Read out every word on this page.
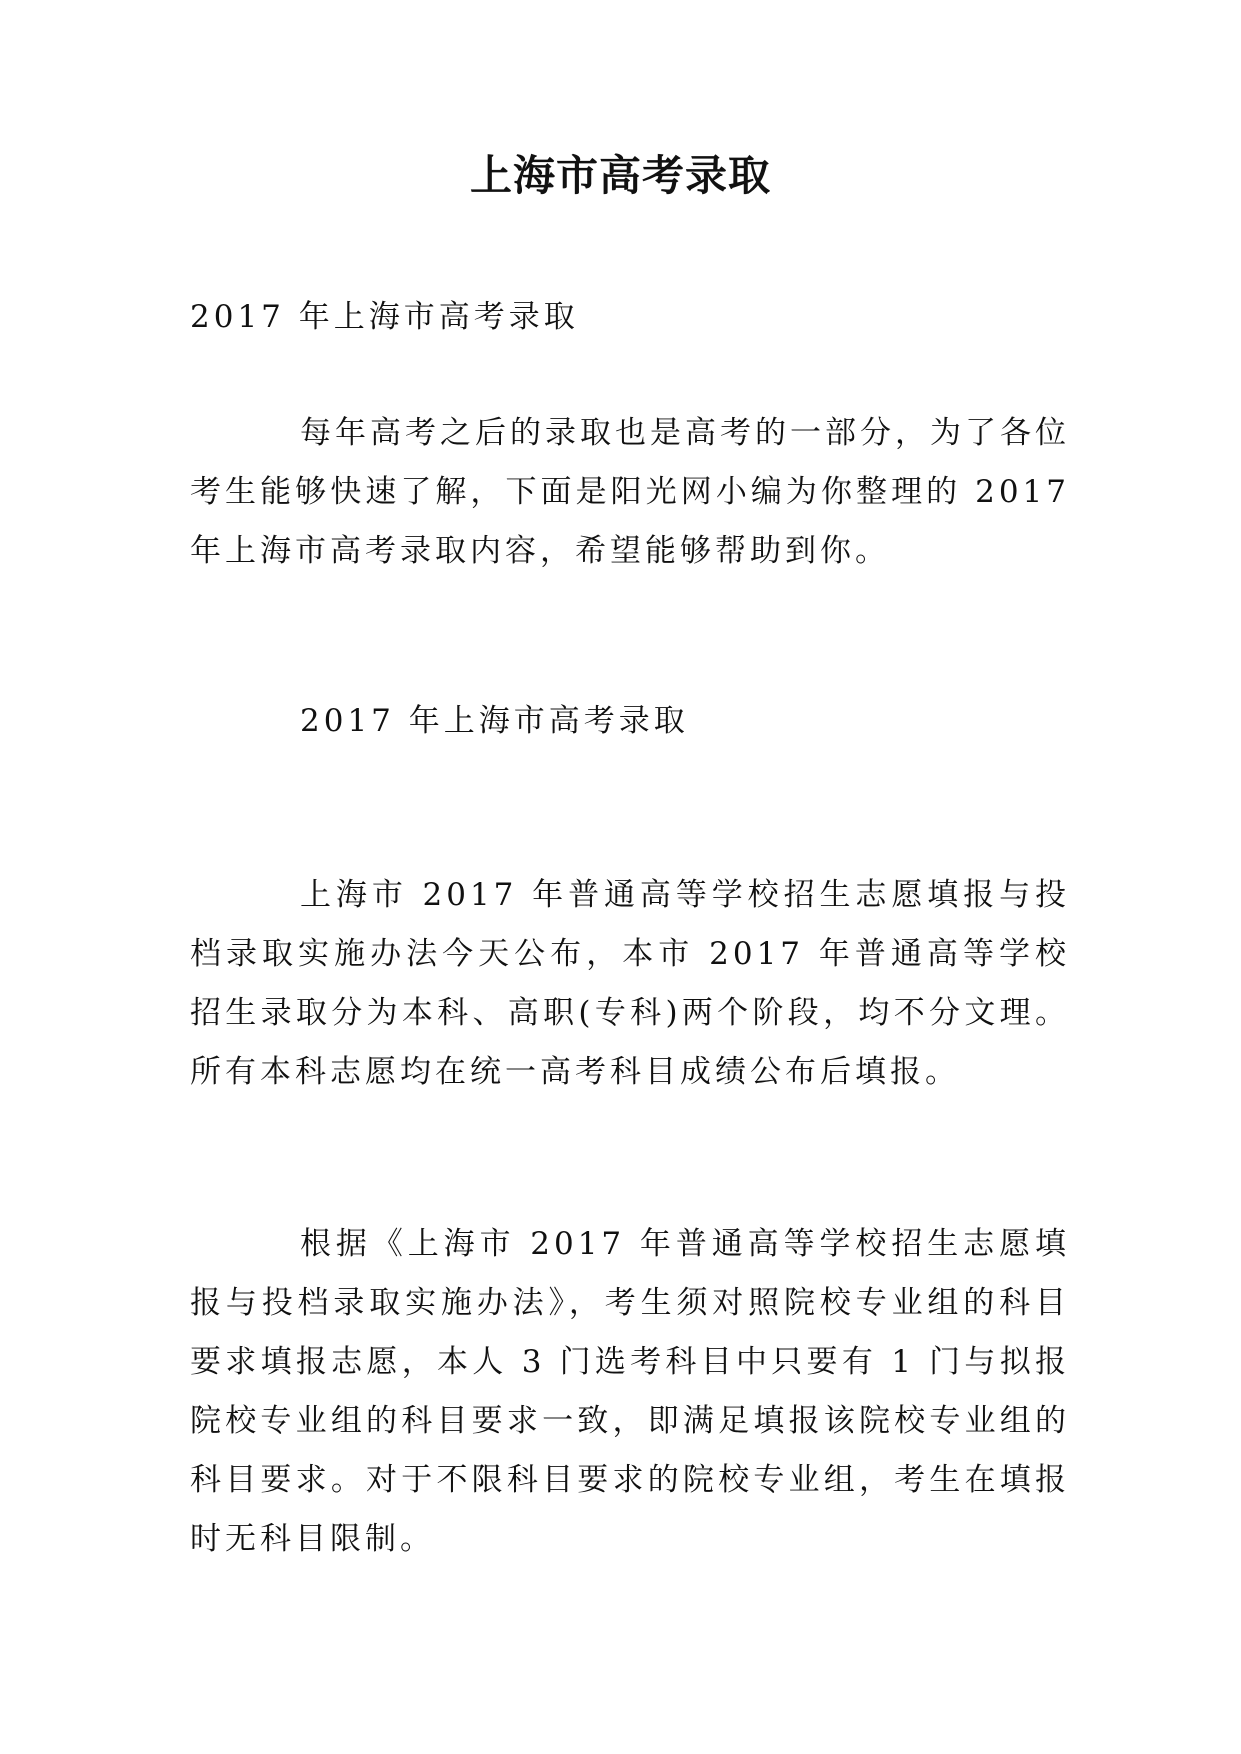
上海市高考录取
2017 年上海市高考录取
每年高考之后的录取也是高考的一部分，为了各位考生能够快速了解，下面是阳光网小编为你整理的 2017 年上海市高考录取内容，希望能够帮助到你。
2017 年上海市高考录取
上海市 2017 年普通高等学校招生志愿填报与投档录取实施办法今天公布，本市 2017 年普通高等学校招生录取分为本科、高职(专科)两个阶段，均不分文理。所有本科志愿均在统一高考科目成绩公布后填报。
根据《上海市 2017 年普通高等学校招生志愿填报与投档录取实施办法》，考生须对照院校专业组的科目要求填报志愿，本人 3 门选考科目中只要有 1 门与拟报院校专业组的科目要求一致，即满足填报该院校专业组的科目要求。对于不限科目要求的院校专业组，考生在填报时无科目限制。
